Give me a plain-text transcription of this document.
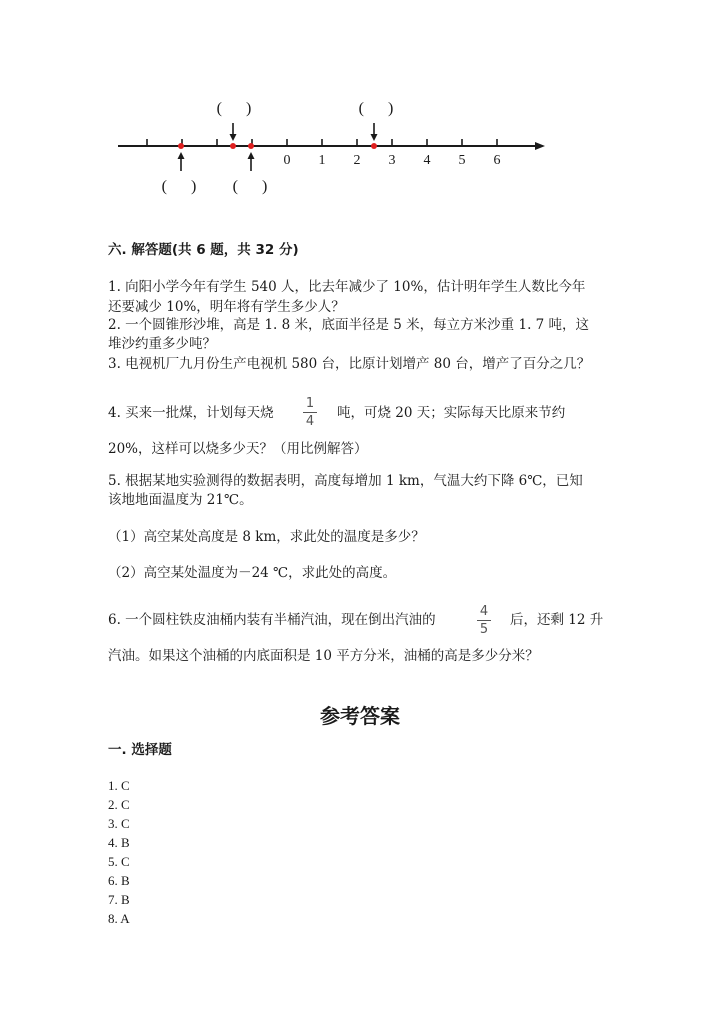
0 1 2 3 4 5 6
(      )	(      )
(      ) (      )
六. 解答题(共 6 题，共 32 分)
1. 向阳小学今年有学生 540 人，比去年减少了 10%，估计明年学生人数比今年
还要减少 10%，明年将有学生多少人？
2. 一个圆锥形沙堆，高是 1. 8 米，底面半径是 5 米，每立方米沙重 1. 7 吨，这
堆沙约重多少吨？
3. 电视机厂九月份生产电视机 580 台，比原计划增产 80 台，增产了百分之几？
4. 买来一批煤，计划每天烧
1
4
吨，可烧 20 天；实际每天比原来节约
20%，这样可以烧多少天？（用比例解答）
5. 根据某地实验测得的数据表明，高度每增加 1 km，气温大约下降 6℃，已知
该地地面温度为 21℃。
（1）高空某处高度是 8 km，求此处的温度是多少？
（2）高空某处温度为－24 ℃，求此处的高度。
6. 一个圆柱铁皮油桶内装有半桶汽油，现在倒出汽油的
4
5
后，还剩 12 升
汽油。如果这个油桶的内底面积是 10 平方分米，油桶的高是多少分米？
参考答案
一. 选择题
1. C
2. C
3. C
4. B
5. C
6. B
7. B
8. A
